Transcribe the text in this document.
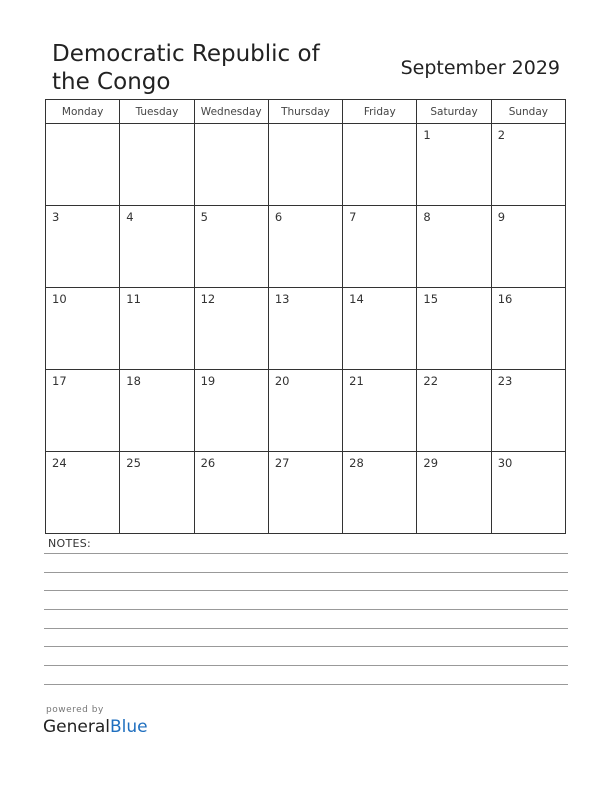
Democratic Republic of the Congo
September 2029
Monday	Tuesday	Wednesday	Thursday	Friday	Saturday	Sunday
					1	2
3	4	5	6	7	8	9
10	11	12	13	14	15	16
17	18	19	20	21	22	23
24	25	26	27	28	29	30
NOTES:
powered by
GeneralBlue
